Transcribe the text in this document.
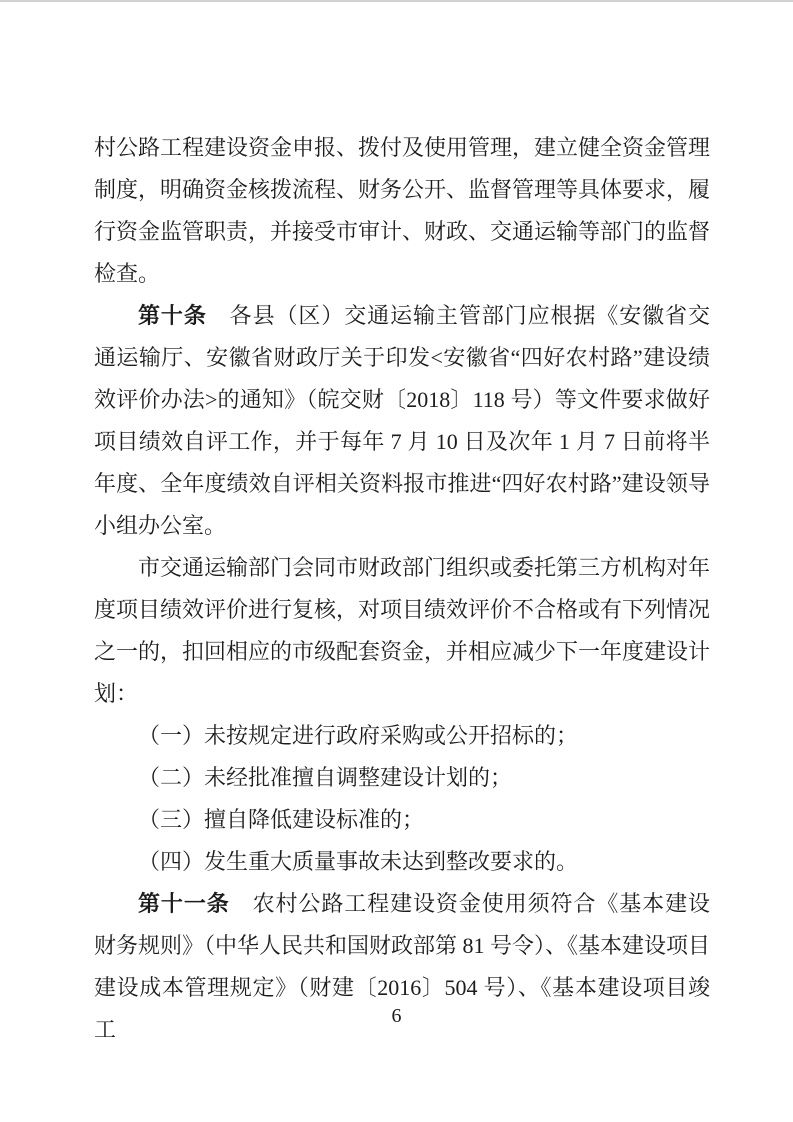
村公路工程建设资金申报、拨付及使用管理，建立健全资金管理制度，明确资金核拨流程、财务公开、监督管理等具体要求，履行资金监管职责，并接受市审计、财政、交通运输等部门的监督检查。

第十条　各县（区）交通运输主管部门应根据《安徽省交通运输厅、安徽省财政厅关于印发<安徽省“四好农村路”建设绩效评价办法>的通知》（皖交财〔2018〕118 号）等文件要求做好项目绩效自评工作，并于每年 7 月 10 日及次年 1 月 7 日前将半年度、全年度绩效自评相关资料报市推进“四好农村路”建设领导小组办公室。

市交通运输部门会同市财政部门组织或委托第三方机构对年度项目绩效评价进行复核，对项目绩效评价不合格或有下列情况之一的，扣回相应的市级配套资金，并相应减少下一年度建设计划：

（一）未按规定进行政府采购或公开招标的；

（二）未经批准擅自调整建设计划的；

（三）擅自降低建设标准的；

（四）发生重大质量事故未达到整改要求的。

第十一条　农村公路工程建设资金使用须符合《基本建设财务规则》（中华人民共和国财政部第 81 号令）、《基本建设项目建设成本管理规定》（财建〔2016〕504 号）、《基本建设项目竣工

6
